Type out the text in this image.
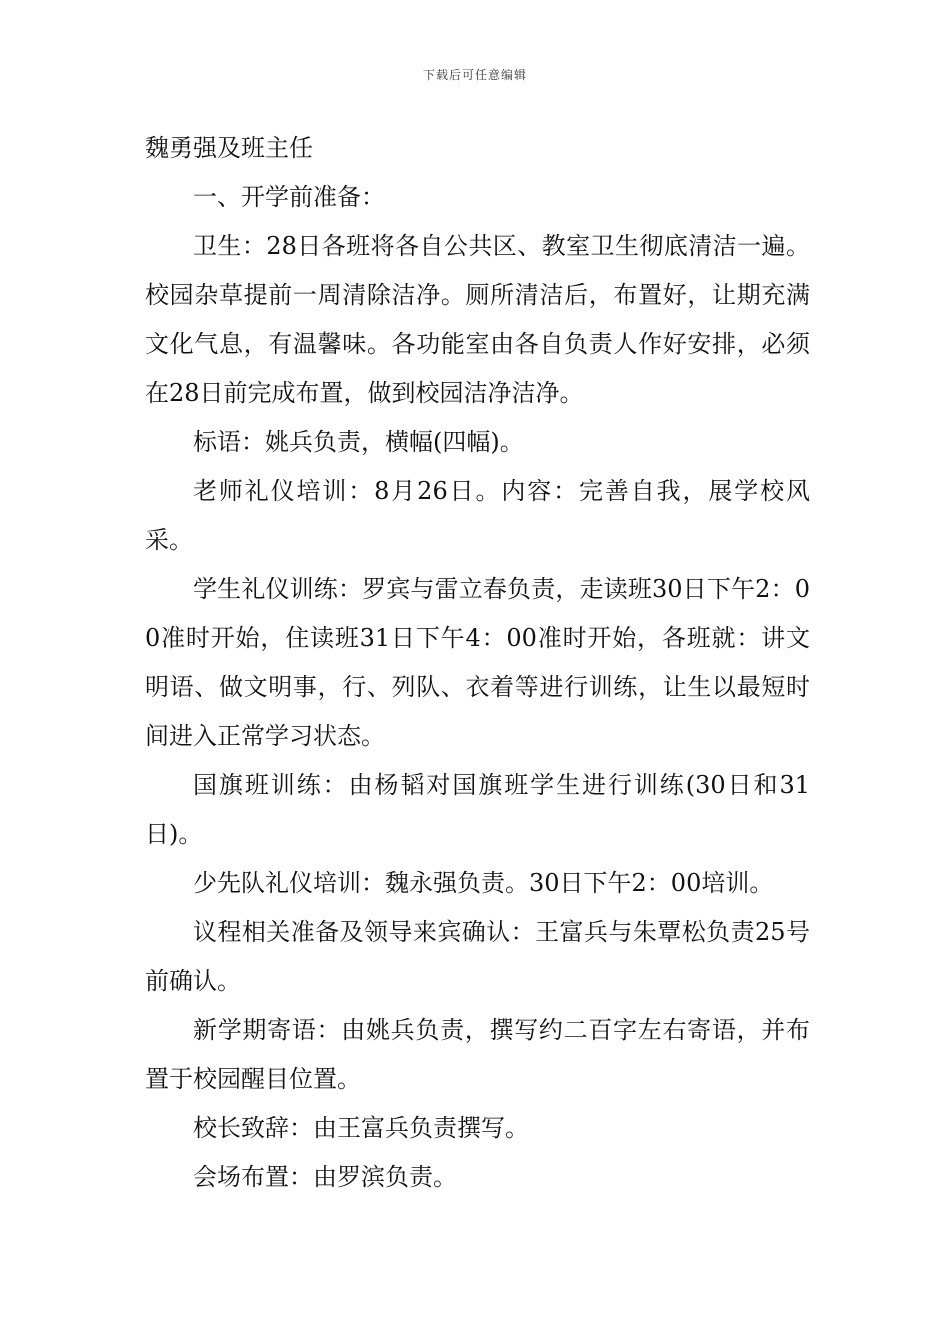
下载后可任意编辑

魏勇强及班主任

一、开学前准备：

卫生：28日各班将各自公共区、教室卫生彻底清洁一遍。校园杂草提前一周清除洁净。厕所清洁后，布置好，让期充满文化气息，有温馨味。各功能室由各自负责人作好安排，必须在28日前完成布置，做到校园洁净洁净。

标语：姚兵负责，横幅(四幅)。

老师礼仪培训：8月26日。内容：完善自我，展学校风采。

学生礼仪训练：罗宾与雷立春负责，走读班30日下午2：00准时开始，住读班31日下午4：00准时开始，各班就：讲文明语、做文明事，行、列队、衣着等进行训练，让生以最短时间进入正常学习状态。

国旗班训练：由杨韬对国旗班学生进行训练(30日和31日)。

少先队礼仪培训：魏永强负责。30日下午2：00培训。

议程相关准备及领导来宾确认：王富兵与朱覃松负责25号前确认。

新学期寄语：由姚兵负责，撰写约二百字左右寄语，并布置于校园醒目位置。

校长致辞：由王富兵负责撰写。

会场布置：由罗滨负责。
